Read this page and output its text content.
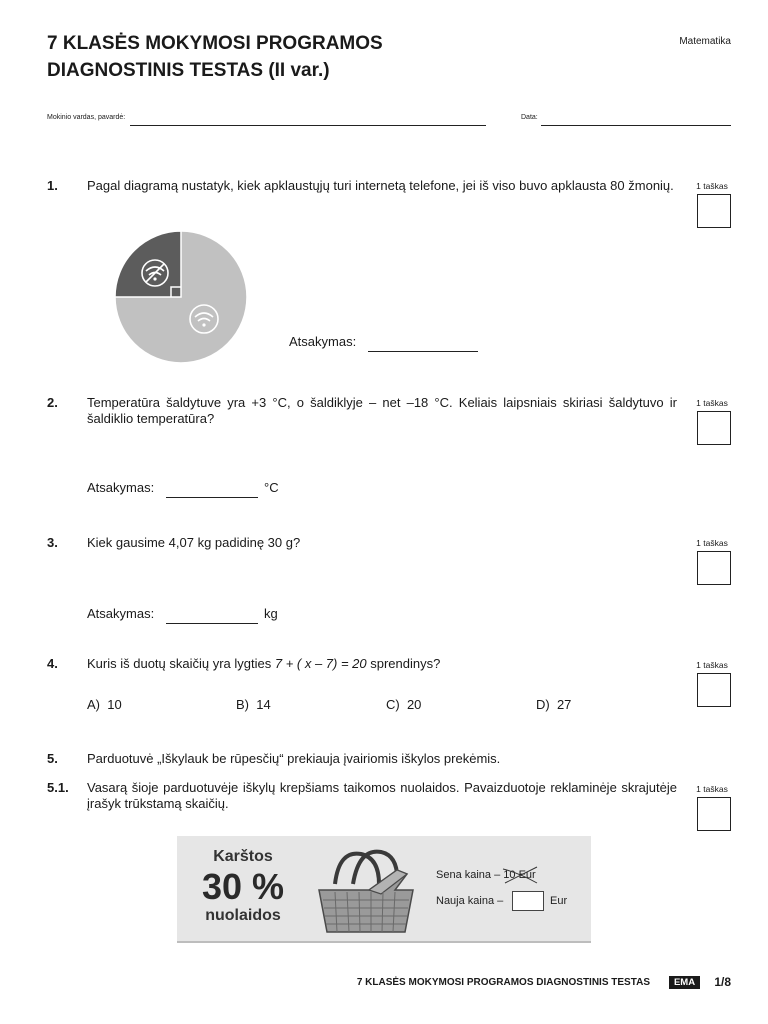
7 KLASĖS MOKYMOSI PROGRAMOS
DIAGNOSTINIS TESTAS (II var.)
Matematika
Mokinio vardas, pavardė:	Data:
1. Pagal diagramą nustatyk, kiek apklaustųjų turi internetą telefone, jei iš viso buvo apklausta 80 žmonių.	1 taškas
Atsakymas:
2. Temperatūra šaldytuve yra +3 °C, o šaldiklyje – net –18 °C. Keliais laipsniais skiriasi šaldytuvo ir šaldiklio temperatūra?
1 taškas
Atsakymas:	°C
3. Kiek gausime 4,07 kg padidinę 30 g?	1 taškas
Atsakymas:	kg
4. Kuris iš duotų skaičių yra lygties 7 + ( x – 7) = 20 sprendinys?	1 taškas
A) 10	B) 14	C) 20	D) 27
5. Parduotuvė „Iškylauk be rūpesčių“ prekiauja įvairiomis iškylos prekėmis.
5.1. Vasarą šioje parduotuvėje iškylų krepšiams taikomos nuolaidos. Pavaizduotoje reklaminėje skrajutėje įrašyk trūkstamą skaičių.
1 taškas
Karštos
30 %
nuolaidos
Sena kaina – 10 Eur
Nauja kaina –	Eur
7 KLASĖS MOKYMOSI PROGRAMOS DIAGNOSTINIS TESTAS	EMA	1/8
